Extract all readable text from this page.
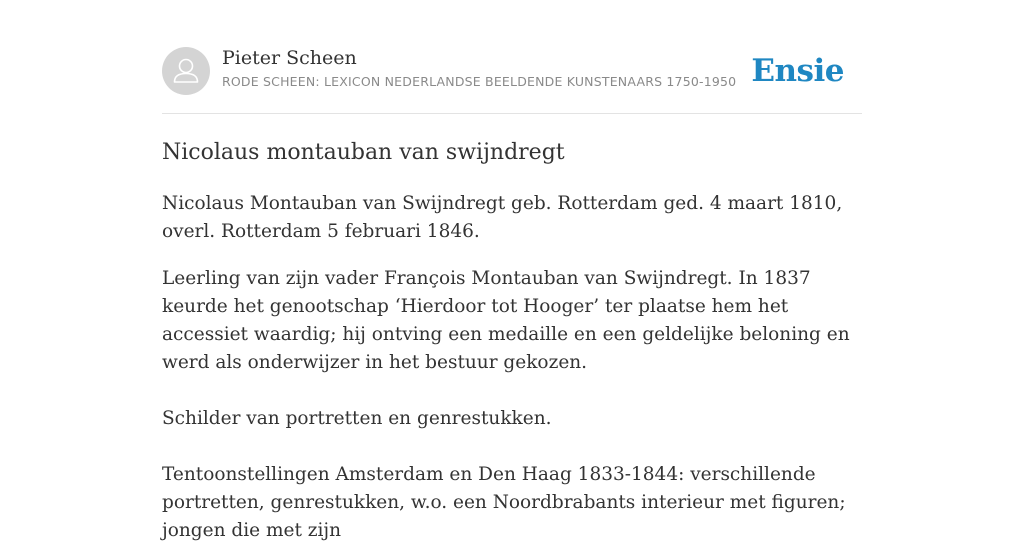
Pieter Scheen
RODE SCHEEN: LEXICON NEDERLANDSE BEELDENDE KUNSTENAARS 1750-1950 Ensie
Nicolaus montauban van swijndregt

Nicolaus Montauban van Swijndregt geb. Rotterdam ged. 4 maart 1810, overl. Rotterdam 5 februari 1846.

Leerling van zijn vader François Montauban van Swijndregt. In 1837 keurde het genootschap ‘Hierdoor tot Hooger’ ter plaatse hem het accessiet waardig; hij ontving een medaille en een geldelijke beloning en werd als onderwijzer in het bestuur gekozen.

Schilder van portretten en genrestukken.

Tentoonstellingen Amsterdam en Den Haag 1833-1844: verschillende portretten, genrestukken, w.o. een Noordbrabants interieur met figuren; jongen die met zijn
